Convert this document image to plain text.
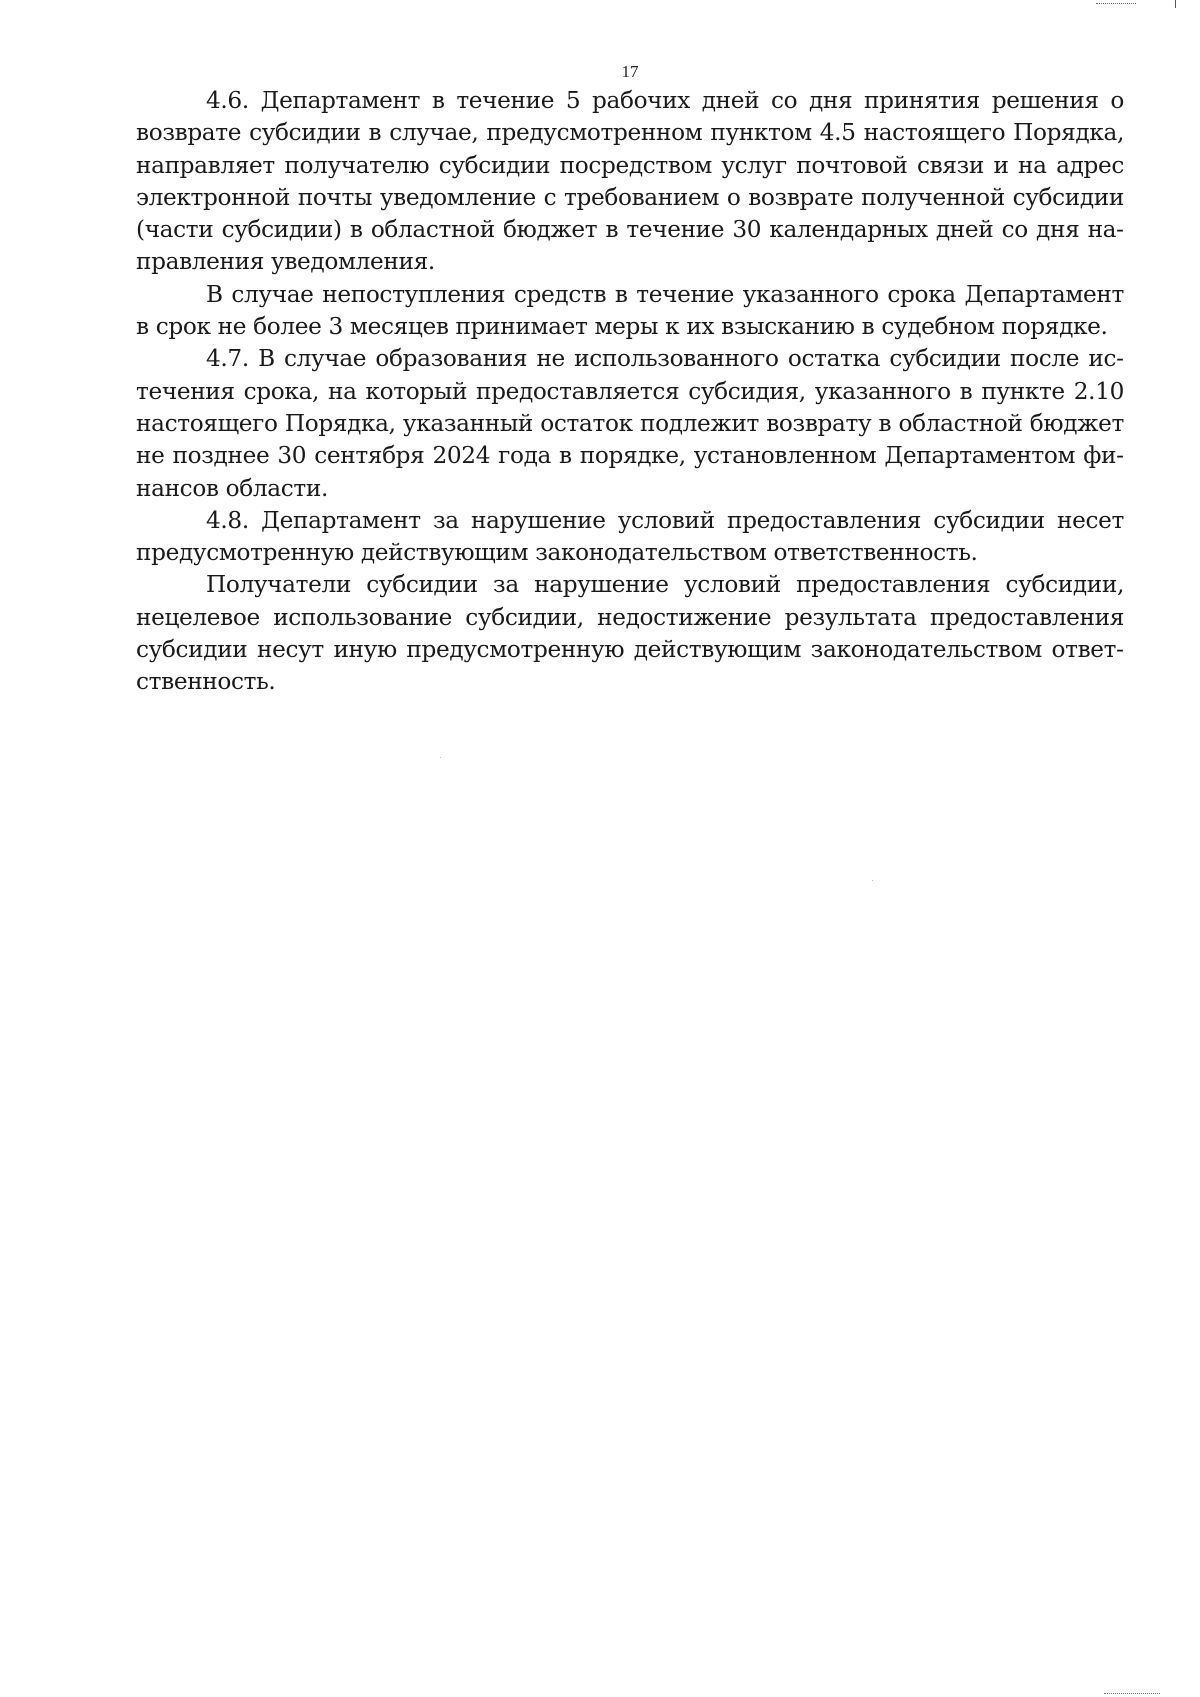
17

4.6. Департамент в течение 5 рабочих дней со дня принятия решения о возврате субсидии в случае, предусмотренном пунктом 4.5 настоящего Порядка, направляет получателю субсидии посредством услуг почтовой связи и на адрес электронной почты уведомление с требованием о возврате полученной субсидии (части субсидии) в областной бюджет в течение 30 календарных дней со дня направления уведомления.

В случае непоступления средств в течение указанного срока Департамент в срок не более 3 месяцев принимает меры к их взысканию в судебном порядке.

4.7. В случае образования не использованного остатка субсидии после истечения срока, на который предоставляется субсидия, указанного в пункте 2.10 настоящего Порядка, указанный остаток подлежит возврату в областной бюджет не позднее 30 сентября 2024 года в порядке, установленном Департаментом финансов области.

4.8. Департамент за нарушение условий предоставления субсидии несет предусмотренную действующим законодательством ответственность.

Получатели субсидии за нарушение условий предоставления субсидии, нецелевое использование субсидии, недостижение результата предоставления субсидии несут иную предусмотренную действующим законодательством ответственность.
